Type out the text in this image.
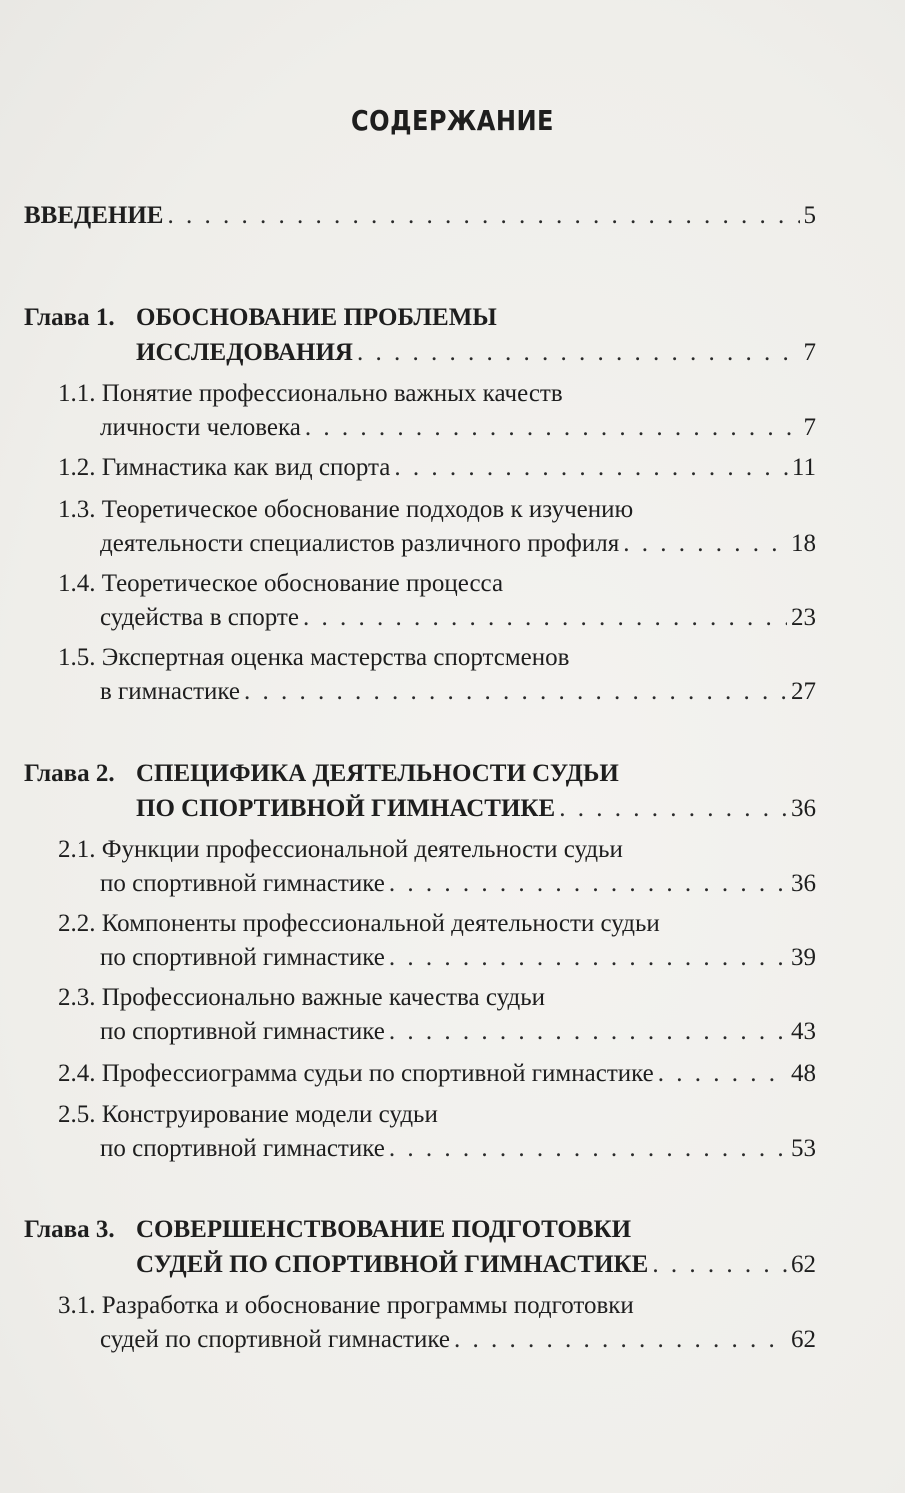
СОДЕРЖАНИЕ
ВВЕДЕНИЕ . . .	5
Глава 1. ОБОСНОВАНИЕ ПРОБЛЕМЫ
ИССЛЕДОВАНИЯ . . .	7
1.1. Понятие профессионально важных качеств
личности человека . . .	7
1.2. Гимнастика как вид спорта . . .	11
1.3. Теоретическое обоснование подходов к изучению
деятельности специалистов различного профиля . . .	18
1.4. Теоретическое обоснование процесса
судейства в спорте . . .	23
1.5. Экспертная оценка мастерства спортсменов
в гимнастике . . .	27
Глава 2. СПЕЦИФИКА ДЕЯТЕЛЬНОСТИ СУДЬИ
ПО СПОРТИВНОЙ ГИМНАСТИКЕ . . .	36
2.1. Функции профессиональной деятельности судьи
по спортивной гимнастике . . .	36
2.2. Компоненты профессиональной деятельности судьи
по спортивной гимнастике . . .	39
2.3. Профессионально важные качества судьи
по спортивной гимнастике . . .	43
2.4. Профессиограмма судьи по спортивной гимнастике . . .	48
2.5. Конструирование модели судьи
по спортивной гимнастике . . .	53
Глава 3. СОВЕРШЕНСТВОВАНИЕ ПОДГОТОВКИ
СУДЕЙ ПО СПОРТИВНОЙ ГИМНАСТИКЕ . . .	62
3.1. Разработка и обоснование программы подготовки
судей по спортивной гимнастике . . .	62
